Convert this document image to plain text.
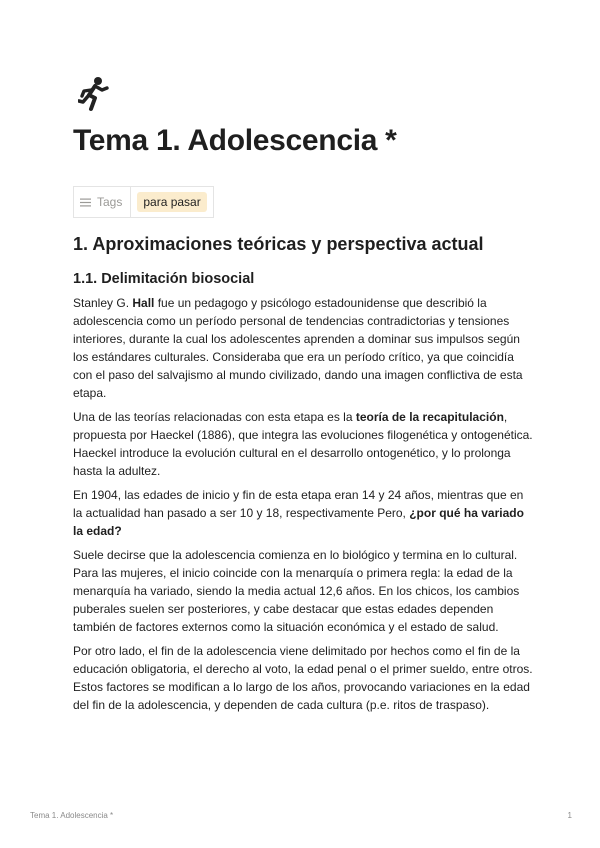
Tema 1. Adolescencia *
Tags	para pasar
1. Aproximaciones teóricas y perspectiva actual
1.1. Delimitación biosocial

Stanley G. Hall fue un pedagogo y psicólogo estadounidense que describió la adolescencia como un período personal de tendencias contradictorias y tensiones interiores, durante la cual los adolescentes aprenden a dominar sus impulsos según los estándares culturales. Consideraba que era un período crítico, ya que coincidía con el paso del salvajismo al mundo civilizado, dando una imagen conflictiva de esta etapa.

Una de las teorías relacionadas con esta etapa es la teoría de la recapitulación, propuesta por Haeckel (1886), que integra las evoluciones filogenética y ontogenética. Haeckel introduce la evolución cultural en el desarrollo ontogenético, y lo prolonga hasta la adultez.

En 1904, las edades de inicio y fin de esta etapa eran 14 y 24 años, mientras que en la actualidad han pasado a ser 10 y 18, respectivamente Pero, ¿por qué ha variado la edad?

Suele decirse que la adolescencia comienza en lo biológico y termina en lo cultural. Para las mujeres, el inicio coincide con la menarquía o primera regla: la edad de la menarquía ha variado, siendo la media actual 12,6 años. En los chicos, los cambios puberales suelen ser posteriores, y cabe destacar que estas edades dependen también de factores externos como la situación económica y el estado de salud.

Por otro lado, el fin de la adolescencia viene delimitado por hechos como el fin de la educación obligatoria, el derecho al voto, la edad penal o el primer sueldo, entre otros. Estos factores se modifican a lo largo de los años, provocando variaciones en la edad del fin de la adolescencia, y dependen de cada cultura (p.e. ritos de traspaso).

Tema 1. Adolescencia *	1
